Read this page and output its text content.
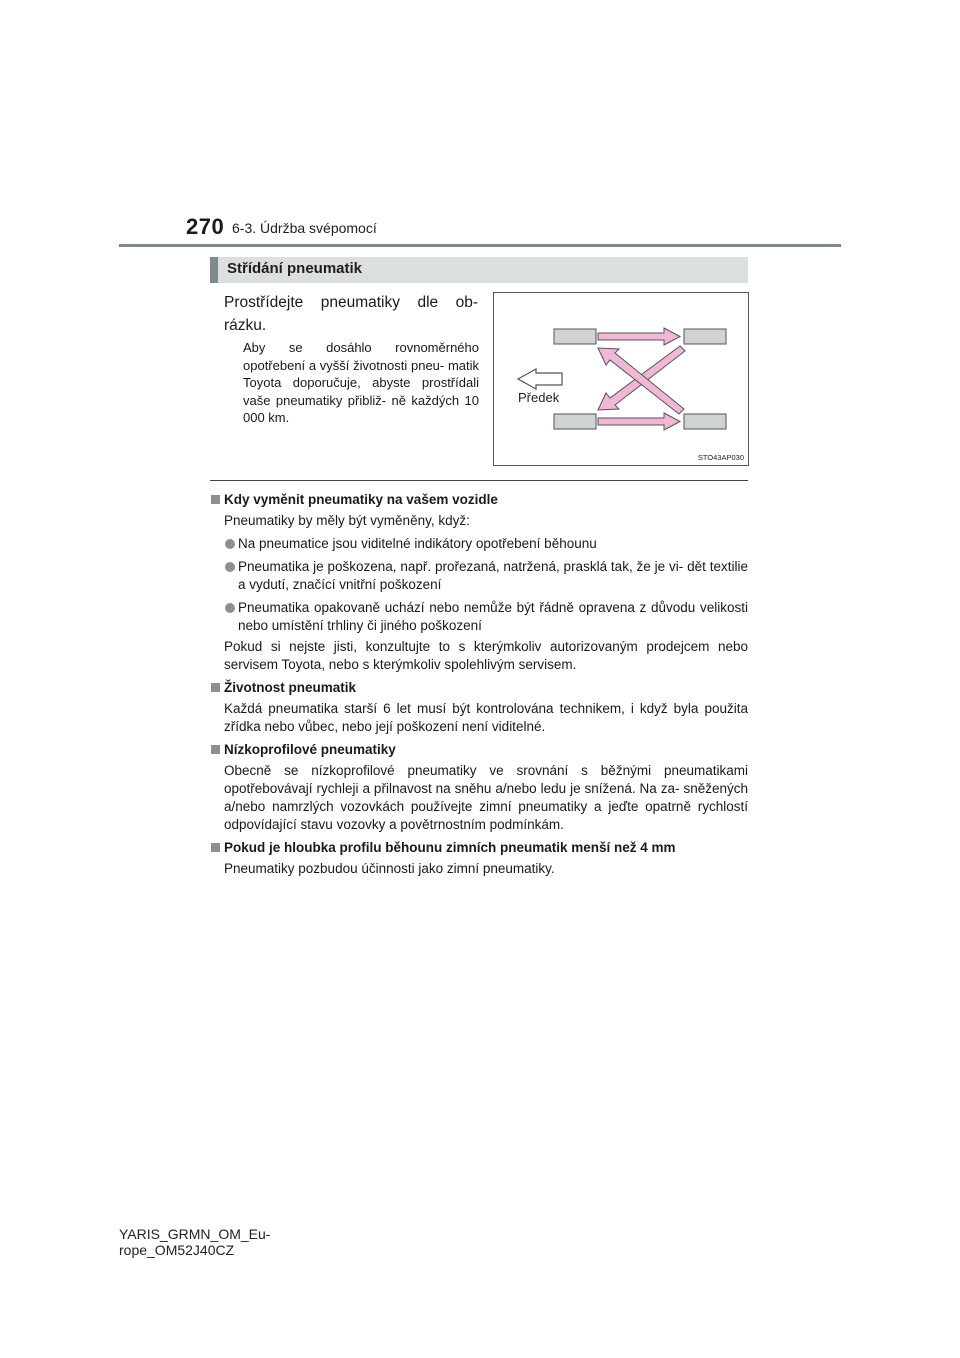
270 6-3. Údržba svépomocí
Střídání pneumatik
Prostřídejte pneumatiky dle ob- rázku.
Aby se dosáhlo rovnoměrného opotřebení a vyšší životnosti pneu- matik Toyota doporučuje, abyste prostřídali vaše pneumatiky přibliž- ně každých 10 000 km.
Předek
STO43AP030
Kdy vyměnit pneumatiky na vašem vozidle
Pneumatiky by měly být vyměněny, když:
Na pneumatice jsou viditelné indikátory opotřebení běhounu
Pneumatika je poškozena, např. prořezaná, natržená, prasklá tak, že je vi- dět textilie a vydutí, značící vnitřní poškození
Pneumatika opakovaně uchází nebo nemůže být řádně opravena z důvodu velikosti nebo umístění trhliny či jiného poškození
Pokud si nejste jisti, konzultujte to s kterýmkoliv autorizovaným prodejcem nebo servisem Toyota, nebo s kterýmkoliv spolehlivým servisem.
Životnost pneumatik
Každá pneumatika starší 6 let musí být kontrolována technikem, i když byla použita zřídka nebo vůbec, nebo její poškození není viditelné.
Nízkoprofilové pneumatiky
Obecně se nízkoprofilové pneumatiky ve srovnání s běžnými pneumatikami opotřebovávají rychleji a přilnavost na sněhu a/nebo ledu je snížená. Na za- sněžených a/nebo namrzlých vozovkách používejte zimní pneumatiky a jeďte opatrně rychlostí odpovídající stavu vozovky a povětrnostním podmínkám.
Pokud je hloubka profilu běhounu zimních pneumatik menší než 4 mm
Pneumatiky pozbudou účinnosti jako zimní pneumatiky.
YARIS_GRMN_OM_Eu-
rope_OM52J40CZ
